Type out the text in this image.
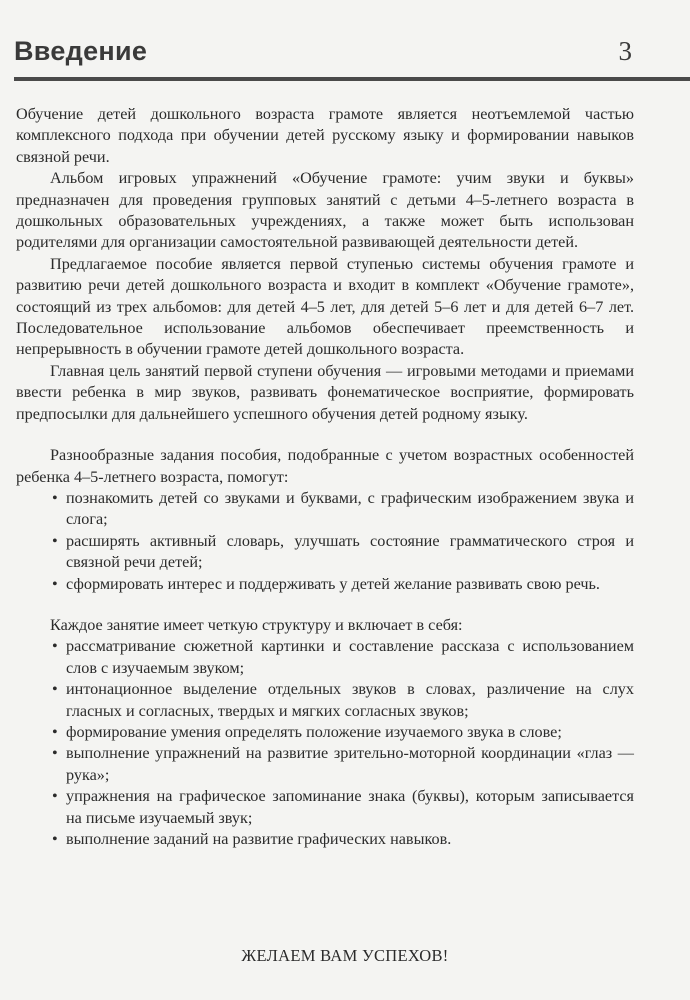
Введение	3

Обучение детей дошкольного возраста грамоте является неотъемлемой частью комплексного подхода при обучении детей русскому языку и формировании навыков связной речи.

Альбом игровых упражнений «Обучение грамоте: учим звуки и буквы» предназначен для проведения групповых занятий с детьми 4–5-летнего возраста в дошкольных образовательных учреждениях, а также может быть использован родителями для организации самостоятельной развивающей деятельности детей.

Предлагаемое пособие является первой ступенью системы обучения грамоте и развитию речи детей дошкольного возраста и входит в комплект «Обучение грамоте», состоящий из трех альбомов: для детей 4–5 лет, для детей 5–6 лет и для детей 6–7 лет. Последовательное использование альбомов обеспечивает преемственность и непрерывность в обучении грамоте детей дошкольного возраста.

Главная цель занятий первой ступени обучения — игровыми методами и приемами ввести ребенка в мир звуков, развивать фонематическое восприятие, формировать предпосылки для дальнейшего успешного обучения детей родному языку.

Разнообразные задания пособия, подобранные с учетом возрастных особенностей ребенка 4–5-летнего возраста, помогут:

• познакомить детей со звуками и буквами, с графическим изображением звука и слога;
• расширять активный словарь, улучшать состояние грамматического строя и связной речи детей;
• сформировать интерес и поддерживать у детей желание развивать свою речь.

Каждое занятие имеет четкую структуру и включает в себя:

• рассматривание сюжетной картинки и составление рассказа с использованием слов с изучаемым звуком;
• интонационное выделение отдельных звуков в словах, различение на слух гласных и согласных, твердых и мягких согласных звуков;
• формирование умения определять положение изучаемого звука в слове;
• выполнение упражнений на развитие зрительно-моторной координации «глаз — рука»;
• упражнения на графическое запоминание знака (буквы), которым записывается на письме изучаемый звук;
• выполнение заданий на развитие графических навыков.
ЖЕЛАЕМ ВАМ УСПЕХОВ!
